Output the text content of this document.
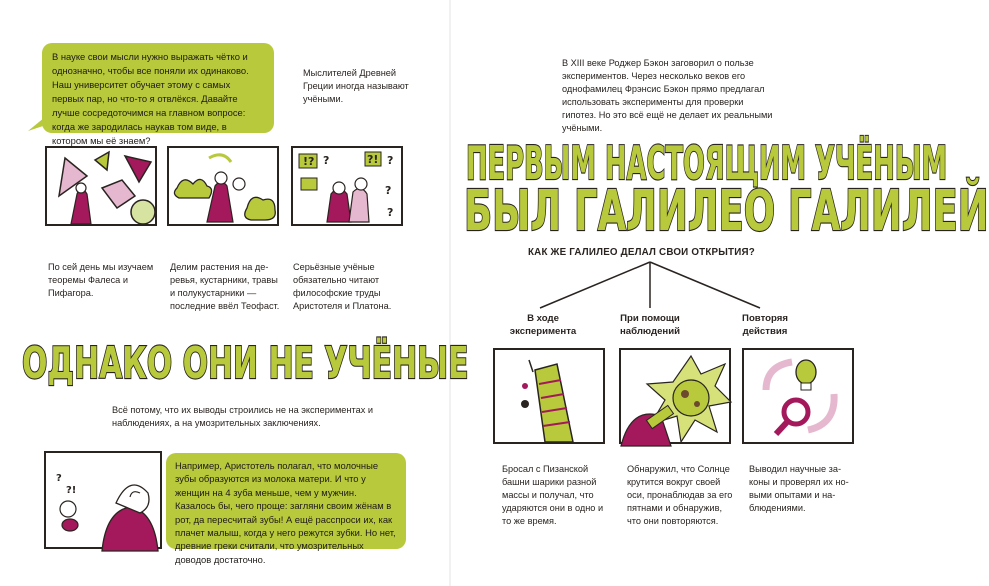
В науке свои мысли нужно выражать чётко и однозначно, чтобы все поняли их одинаково. Наш университет обучает этому с самых первых пар, но что-то я отвлёкся. Давайте лучше сосредоточимся на главном вопросе: когда же зародилась наукав том виде, в котором мы её знаем?
Мыслителей Древней Греции иногда называют учёными.
!? ?	?! ?
?
?
По сей день мы изучаем теоремы Фалеса и Пифагора.
Делим растения на деревья, кустарники, травы и полукустарники — последние ввёл Теофаст.
Серьёзные учёные обязательно читают философские труды Аристотеля и Платона.
ОДНАКО ОНИ НЕ УЧЁНЫЕ
Всё потому, что их выводы строились не на экспериментах и наблюдениях, а на умозрительных заключениях.
?
?!
Например, Аристотель полагал, что молочные зубы образуются из молока матери. И что у женщин на 4 зуба меньше, чем у мужчин. Казалось бы, чего проще: загляни своим жёнам в рот, да пересчитай зубы! А ещё расспроси их, как плачет малыш, когда у него режутся зубки. Но нет, древние греки считали, что умозрительных доводов достаточно.
В XIII веке Роджер Бэкон заговорил о пользе экспериментов. Через несколько веков его однофамилец Фрэнсис Бэкон прямо предлагал использовать эксперименты для проверки гипотез. Но это всё ещё не делает их реальными учёными.
ПЕРВЫМ НАСТОЯЩИМ УЧЁНЫМ
БЫЛ ГАЛИЛЕО ГАЛИЛЕЙ
КАК ЖЕ ГАЛИЛЕО ДЕЛАЛ СВОИ ОТКРЫТИЯ?
В ходе эксперимента
При помощи наблюдений
Повторяя действия
Бросал с Пизанской башни шарики разной массы и получал, что ударяются они в одно и то же время.
Обнаружил, что Солнце крутится вокруг своей оси, пронаблюдав за его пятнами и обнаружив, что они повторяются.
Выводил научные законы и проверял их новыми опытами и наблюдениями.
